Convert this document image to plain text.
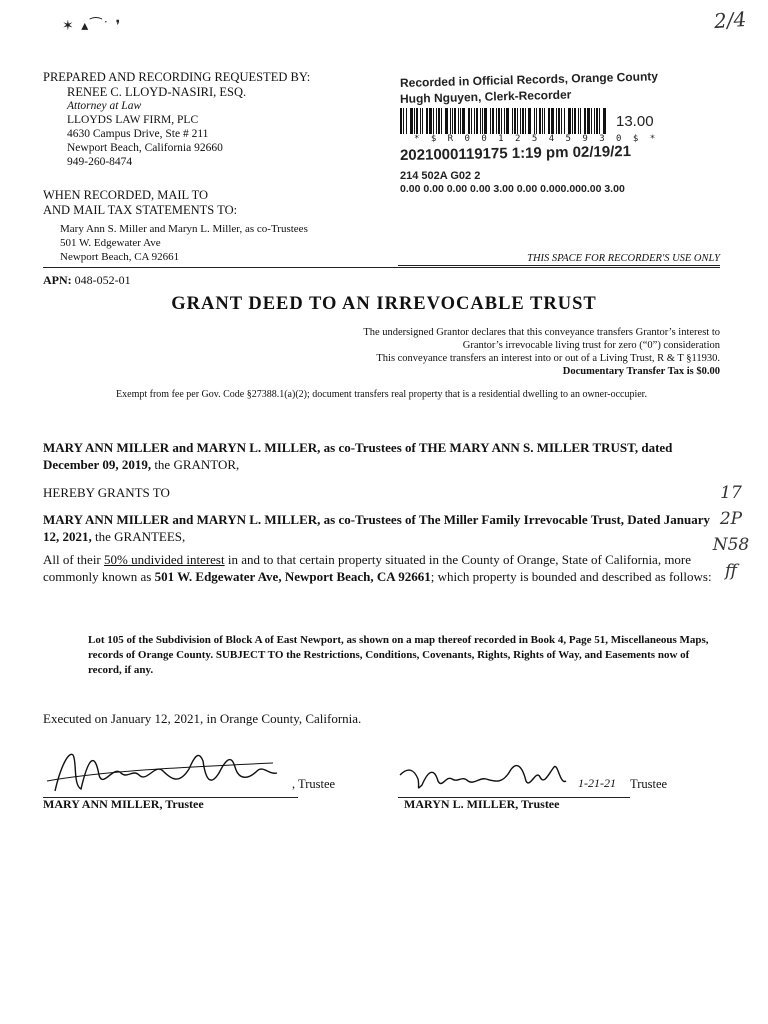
2/4
✶ ▴⁀˙ ❜
PREPARED AND RECORDING REQUESTED BY:
RENEE C. LLOYD-NASIRI, ESQ.
Attorney at Law
LLOYDS LAW FIRM, PLC
4630 Campus Drive, Ste # 211
Newport Beach, California 92660
949-260-8474
WHEN RECORDED, MAIL TO
AND MAIL TAX STATEMENTS TO:
Mary Ann S. Miller and Maryn L. Miller, as co-Trustees
501 W. Edgewater Ave
Newport Beach, CA 92661
Recorded in Official Records, Orange County
Hugh Nguyen, Clerk-Recorder
13.00
* $ R 0 0 1 2 5 4 5 9 3 0 $ *
2021000119175 1:19 pm 02/19/21
214 502A G02 2
0.00 0.00 0.00 0.00 3.00 0.00 0.000.000.00 3.00
THIS SPACE FOR RECORDER'S USE ONLY
APN: 048-052-01
GRANT DEED TO AN IRREVOCABLE TRUST
The undersigned Grantor declares that this conveyance transfers Grantor’s interest to
Grantor’s irrevocable living trust for zero (“0”) consideration
This conveyance transfers an interest into or out of a Living Trust, R & T §11930.
Documentary Transfer Tax is $0.00
Exempt from fee per Gov. Code §27388.1(a)(2); document transfers real property that is a residential dwelling to an owner-occupier.
MARY ANN MILLER and MARYN L. MILLER, as co-Trustees of THE MARY ANN S. MILLER TRUST, dated December 09, 2019, the GRANTOR,
HEREBY GRANTS TO
MARY ANN MILLER and MARYN L. MILLER, as co-Trustees of The Miller Family Irrevocable Trust, Dated January 12, 2021, the GRANTEES,
All of their 50% undivided interest in and to that certain property situated in the County of Orange, State of California, more commonly known as 501 W. Edgewater Ave, Newport Beach, CA 92661; which property is bounded and described as follows:
Lot 105 of the Subdivision of Block A of East Newport, as shown on a map thereof recorded in Book 4, Page 51, Miscellaneous Maps, records of Orange County. SUBJECT TO the Restrictions, Conditions, Covenants, Rights, Rights of Way, and Easements now of record, if any.
Executed on January 12, 2021, in Orange County, California.
, Trustee
MARY ANN MILLER, Trustee
1-21-21 Trustee
MARYN L. MILLER, Trustee
17
2P
N58
ff
